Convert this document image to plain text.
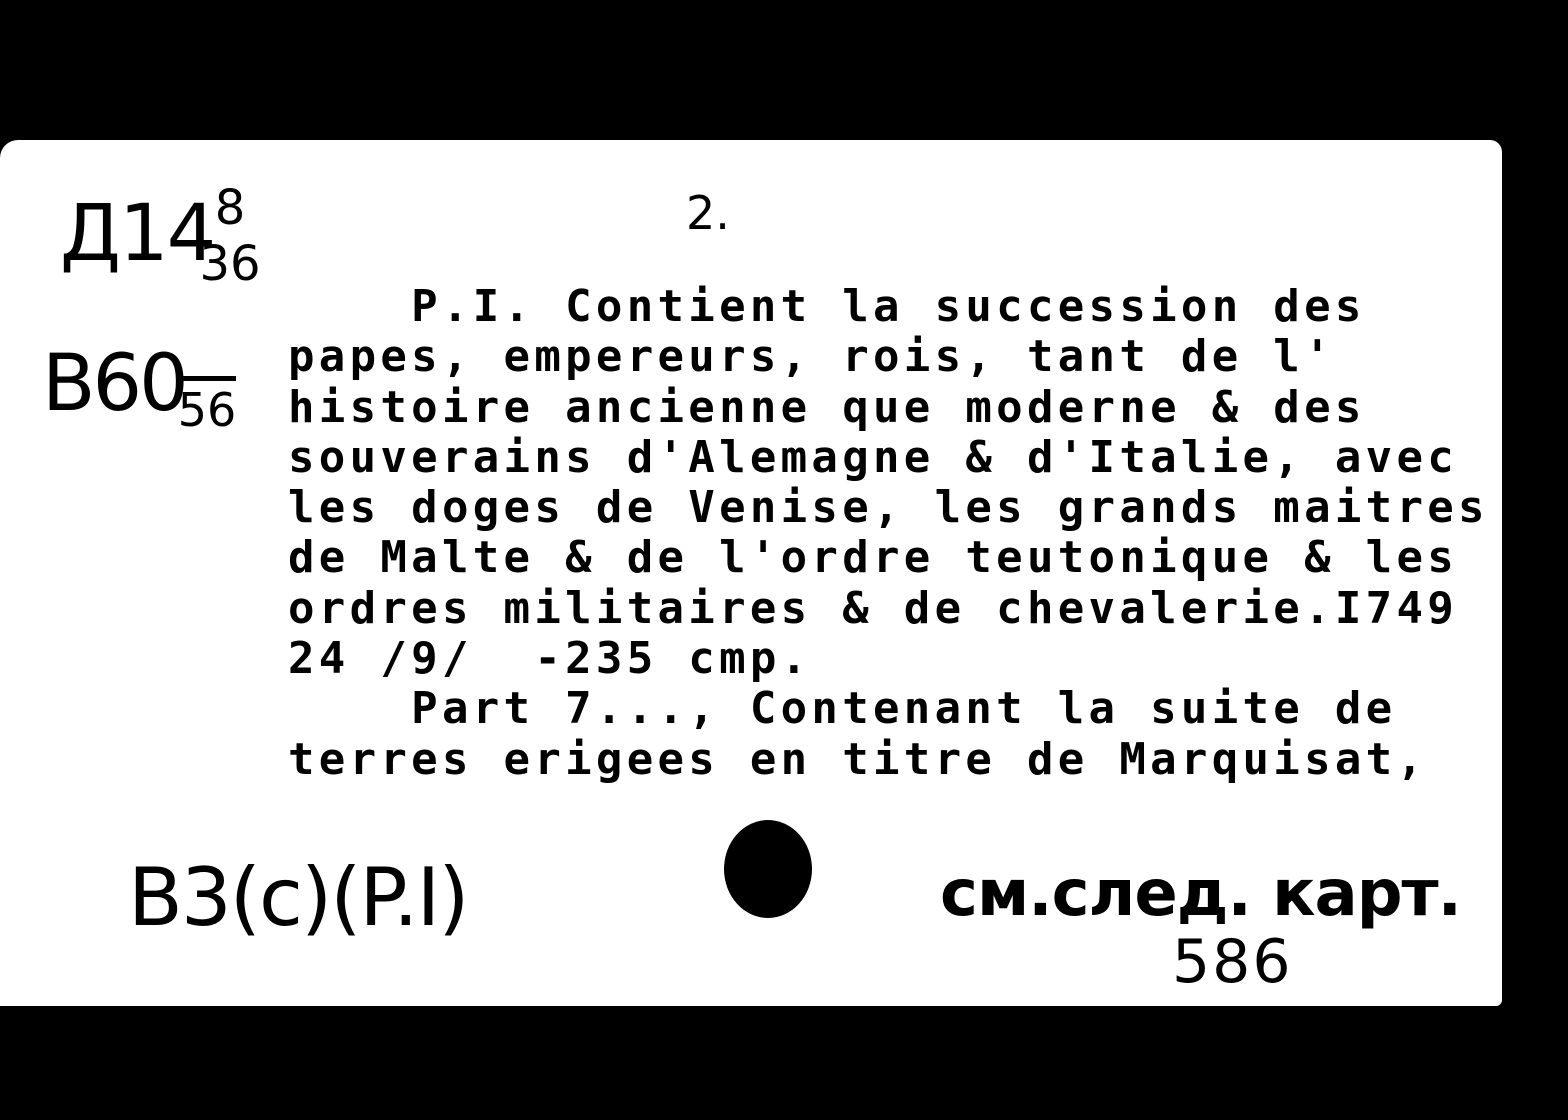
Д14 8
36
В60
56
2.
P.I. Contient la succession des
papes, empereurs, rois, tant de l'
histoire ancienne que moderne & des
souverains d'Alemagne & d'Italie, avec
les doges de Venise, les grands maitres
de Malte & de l'ordre teutonique & les
ordres militaires & de chevalerie.I749
24 /9/  -235 cmp.
Part 7..., Contenant la suite de
terres erigees en titre de Marquisat,
В3(с)(P.I)	см.след. карт.
586
